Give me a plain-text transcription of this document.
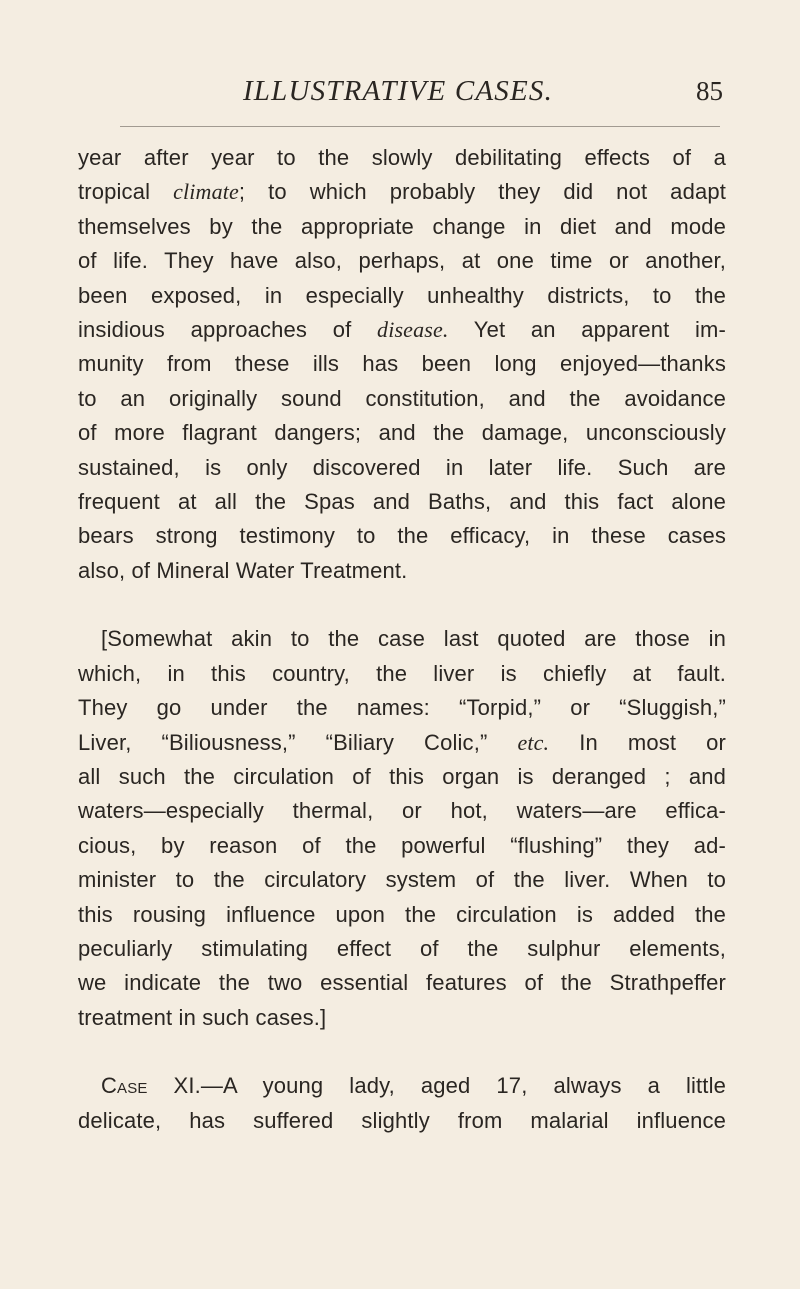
ILLUSTRATIVE CASES.	85
year after year to the slowly debilitating effects of a
tropical climate; to which probably they did not adapt
themselves by the appropriate change in diet and mode
of life. They have also, perhaps, at one time or another,
been exposed, in especially unhealthy districts, to the
insidious approaches of disease. Yet an apparent im-
munity from these ills has been long enjoyed—thanks
to an originally sound constitution, and the avoidance
of more flagrant dangers; and the damage, unconsciously
sustained, is only discovered in later life. Such are
frequent at all the Spas and Baths, and this fact alone
bears strong testimony to the efficacy, in these cases
also, of Mineral Water Treatment.
[Somewhat akin to the case last quoted are those in
which, in this country, the liver is chiefly at fault.
They go under the names: “Torpid,” or “Sluggish,”
Liver, “Biliousness,” “Biliary Colic,” etc. In most or
all such the circulation of this organ is deranged ; and
waters—especially thermal, or hot, waters—are effica-
cious, by reason of the powerful “flushing” they ad-
minister to the circulatory system of the liver. When to
this rousing influence upon the circulation is added the
peculiarly stimulating effect of the sulphur elements,
we indicate the two essential features of the Strathpeffer
treatment in such cases.]
Case XI.—A young lady, aged 17, always a little
delicate, has suffered slightly from malarial influence
